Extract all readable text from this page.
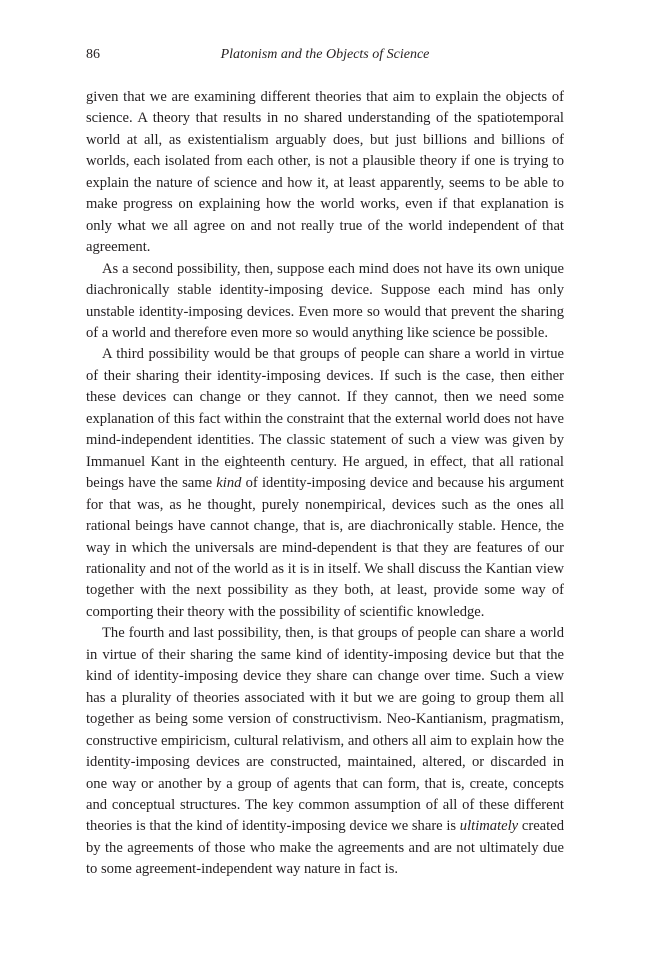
86	Platonism and the Objects of Science

given that we are examining different theories that aim to explain the objects of science. A theory that results in no shared understanding of the spatiotemporal world at all, as existentialism arguably does, but just billions and billions of worlds, each isolated from each other, is not a plausible theory if one is trying to explain the nature of science and how it, at least apparently, seems to be able to make progress on explaining how the world works, even if that explanation is only what we all agree on and not really true of the world independent of that agreement.

As a second possibility, then, suppose each mind does not have its own unique diachronically stable identity-imposing device. Suppose each mind has only unstable identity-imposing devices. Even more so would that prevent the sharing of a world and therefore even more so would anything like science be possible.

A third possibility would be that groups of people can share a world in virtue of their sharing their identity-imposing devices. If such is the case, then either these devices can change or they cannot. If they cannot, then we need some explanation of this fact within the constraint that the external world does not have mind-independent identities. The classic statement of such a view was given by Immanuel Kant in the eighteenth century. He argued, in effect, that all rational beings have the same kind of identity-imposing device and because his argument for that was, as he thought, purely nonempirical, devices such as the ones all rational beings have cannot change, that is, are diachronically stable. Hence, the way in which the universals are mind-dependent is that they are features of our rationality and not of the world as it is in itself. We shall discuss the Kantian view together with the next possibility as they both, at least, provide some way of comporting their theory with the possibility of scientific knowledge.

The fourth and last possibility, then, is that groups of people can share a world in virtue of their sharing the same kind of identity-imposing device but that the kind of identity-imposing device they share can change over time. Such a view has a plurality of theories associated with it but we are going to group them all together as being some version of constructivism. Neo-Kantianism, pragmatism, constructive empiricism, cultural relativism, and others all aim to explain how the identity-imposing devices are constructed, maintained, altered, or discarded in one way or another by a group of agents that can form, that is, create, concepts and conceptual structures. The key common assumption of all of these different theories is that the kind of identity-imposing device we share is ultimately created by the agreements of those who make the agreements and are not ultimately due to some agreement-independent way nature in fact is.
